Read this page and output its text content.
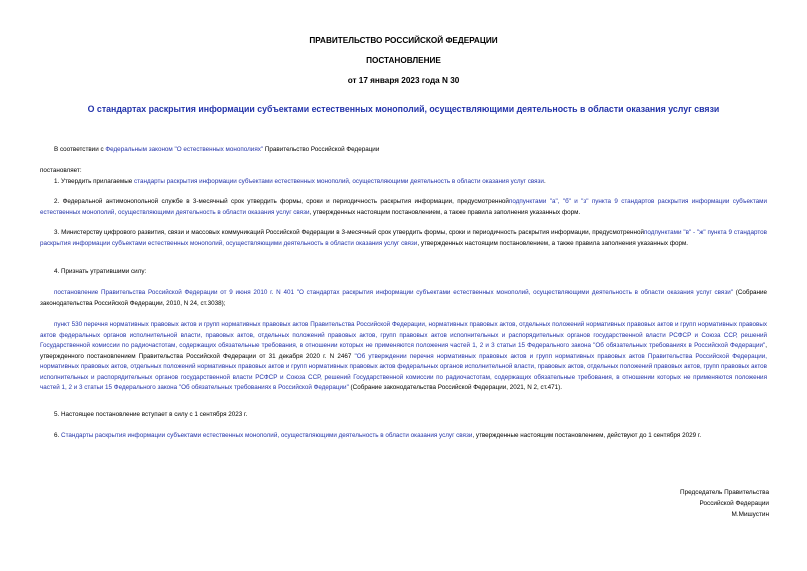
ПРАВИТЕЛЬСТВО РОССИЙСКОЙ ФЕДЕРАЦИИ
ПОСТАНОВЛЕНИЕ
от 17 января 2023 года N 30
О стандартах раскрытия информации субъектами естественных монополий, осуществляющими деятельность в области оказания услуг связи
В соответствии с Федеральным законом "О естественных монополиях" Правительство Российской Федерации
постановляет:
1. Утвердить прилагаемые стандарты раскрытия информации субъектами естественных монополий, осуществляющими деятельность в области оказания услуг связи.
2. Федеральной антимонопольной службе в 3-месячный срок утвердить формы, сроки и периодичность раскрытия информации, предусмотреннойподпунктами "а", "б" и "з" пункта 9 стандартов раскрытия информации субъектами естественных монополий, осуществляющими деятельность в области оказания услуг связи, утвержденных настоящим постановлением, а также правила заполнения указанных форм.
3. Министерству цифрового развития, связи и массовых коммуникаций Российской Федерации в 3-месячный срок утвердить формы, сроки и периодичность раскрытия информации, предусмотреннойподпунктами "в" - "ж" пункта 9 стандартов раскрытия информации субъектами естественных монополий, осуществляющими деятельность в области оказания услуг связи, утвержденных настоящим постановлением, а также правила заполнения указанных форм.
4. Признать утратившими силу:
постановление Правительства Российской Федерации от 9 июня 2010 г. N 401 "О стандартах раскрытия информации субъектами естественных монополий, осуществляющими деятельность в области оказания услуг связи" (Собрание законодательства Российской Федерации, 2010, N 24, ст.3038);
пункт 530 перечня нормативных правовых актов и групп нормативных правовых актов Правительства Российской Федерации, нормативных правовых актов, отдельных положений нормативных правовых актов и групп нормативных правовых актов федеральных органов исполнительной власти, правовых актов, отдельных положений правовых актов, групп правовых актов исполнительных и распорядительных органов государственной власти РСФСР и Союза ССР, решений Государственной комиссии по радиочастотам, содержащих обязательные требования, в отношении которых не применяются положения частей 1, 2 и 3 статьи 15 Федерального закона "Об обязательных требованиях в Российской Федерации", утвержденного постановлением Правительства Российской Федерации от 31 декабря 2020 г. N 2467 "Об утверждении перечня нормативных правовых актов и групп нормативных правовых актов Правительства Российской Федерации, нормативных правовых актов, отдельных положений нормативных правовых актов и групп нормативных правовых актов федеральных органов исполнительной власти, правовых актов, отдельных положений правовых актов, групп правовых актов исполнительных и распорядительных органов государственной власти РСФСР и Союза ССР, решений Государственной комиссии по радиочастотам, содержащих обязательные требования, в отношении которых не применяются положения частей 1, 2 и 3 статьи 15 Федерального закона "Об обязательных требованиях в Российской Федерации" (Собрание законодательства Российской Федерации, 2021, N 2, ст.471).
5. Настоящее постановление вступает в силу с 1 сентября 2023 г.
6. Стандарты раскрытия информации субъектами естественных монополий, осуществляющими деятельность в области оказания услуг связи, утвержденные настоящим постановлением, действуют до 1 сентября 2029 г.
Председатель Правительства
Российской Федерации
М.Мишустин
